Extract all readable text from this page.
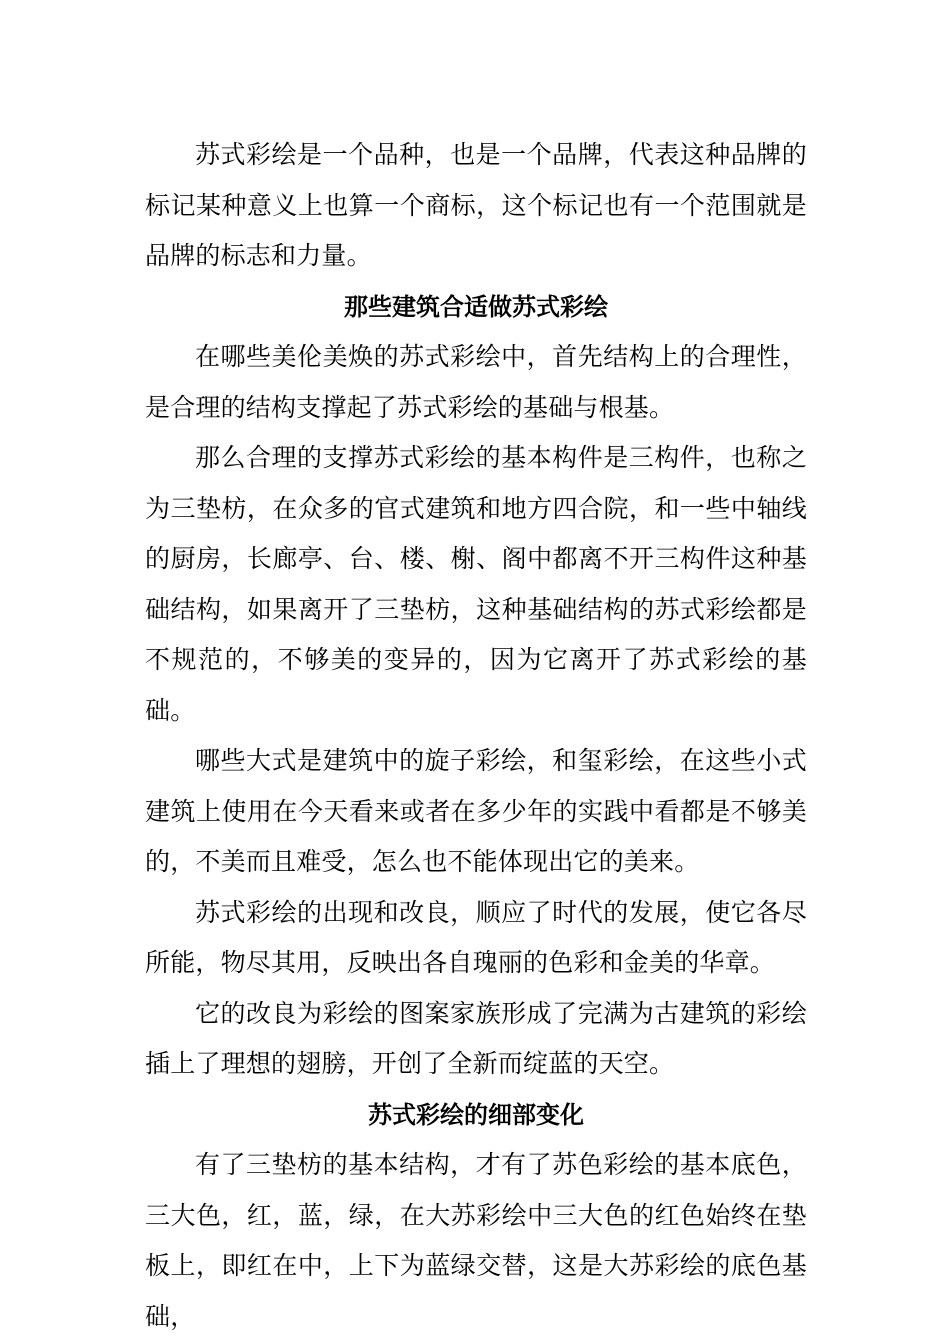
苏式彩绘是一个品种，也是一个品牌，代表这种品牌的标记某种意义上也算一个商标，这个标记也有一个范围就是品牌的标志和力量。

那些建筑合适做苏式彩绘

在哪些美伦美焕的苏式彩绘中，首先结构上的合理性，是合理的结构支撑起了苏式彩绘的基础与根基。

那么合理的支撑苏式彩绘的基本构件是三构件，也称之为三垫枋，在众多的官式建筑和地方四合院，和一些中轴线的厨房，长廊亭、台、楼、榭、阁中都离不开三构件这种基础结构，如果离开了三垫枋，这种基础结构的苏式彩绘都是不规范的，不够美的变异的，因为它离开了苏式彩绘的基础。

哪些大式是建筑中的旋子彩绘，和玺彩绘，在这些小式建筑上使用在今天看来或者在多少年的实践中看都是不够美的，不美而且难受，怎么也不能体现出它的美来。

苏式彩绘的出现和改良，顺应了时代的发展，使它各尽所能，物尽其用，反映出各自瑰丽的色彩和金美的华章。

它的改良为彩绘的图案家族形成了完满为古建筑的彩绘插上了理想的翅膀，开创了全新而绽蓝的天空。

苏式彩绘的细部变化

有了三垫枋的基本结构，才有了苏色彩绘的基本底色，三大色，红，蓝，绿，在大苏彩绘中三大色的红色始终在垫板上，即红在中，上下为蓝绿交替，这是大苏彩绘的底色基础，
